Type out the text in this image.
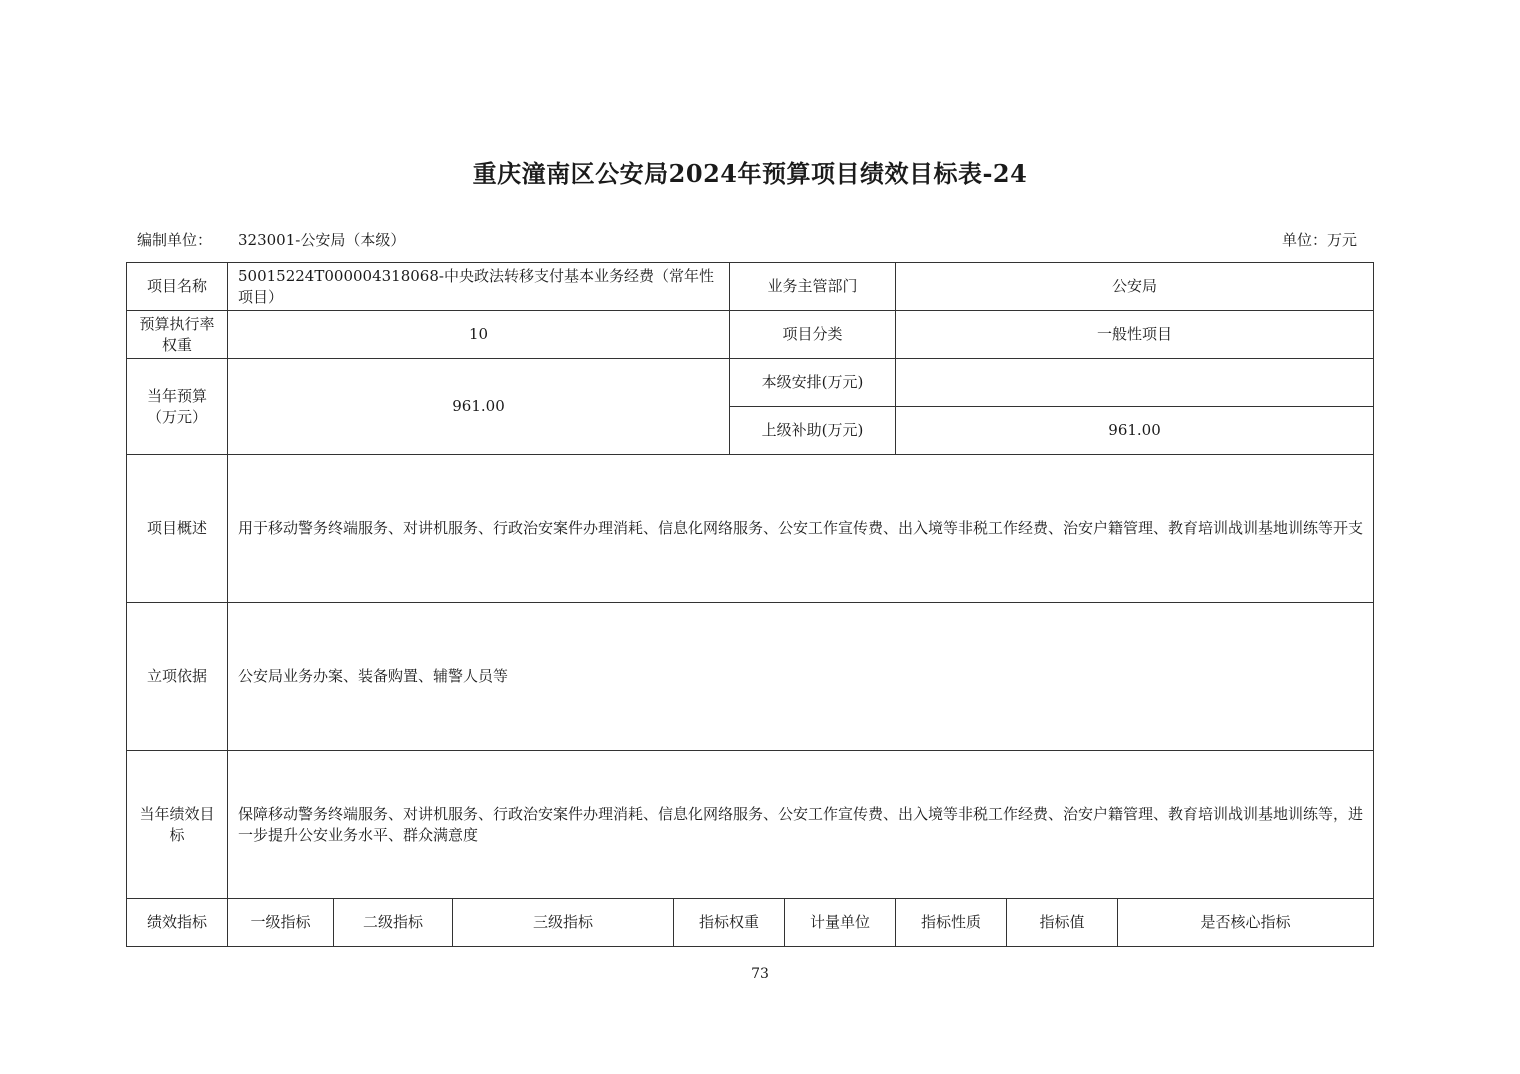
重庆潼南区公安局2024年预算项目绩效目标表-24
编制单位： 323001-公安局（本级）	单位：万元
项目名称	50015224T000004318068-中央政法转移支付基本业务经费（常年性项目）				业务主管部门		公安局		
预算执行率权重	10				项目分类		一般性项目		
当年预算（万元）	961.00				本级安排(万元)				
					上级补助(万元)		961.00		
项目概述	用于移动警务终端服务、对讲机服务、行政治安案件办理消耗、信息化网络服务、公安工作宣传费、出入境等非税工作经费、治安户籍管理、教育培训战训基地训练等开支								
立项依据	公安局业务办案、装备购置、辅警人员等								
当年绩效目标	保障移动警务终端服务、对讲机服务、行政治安案件办理消耗、信息化网络服务、公安工作宣传费、出入境等非税工作经费、治安户籍管理、教育培训战训基地训练等，进一步提升公安业务水平、群众满意度								
绩效指标	一级指标	二级指标	三级指标	指标权重		计量单位	指标性质	指标值	是否核心指标
73
